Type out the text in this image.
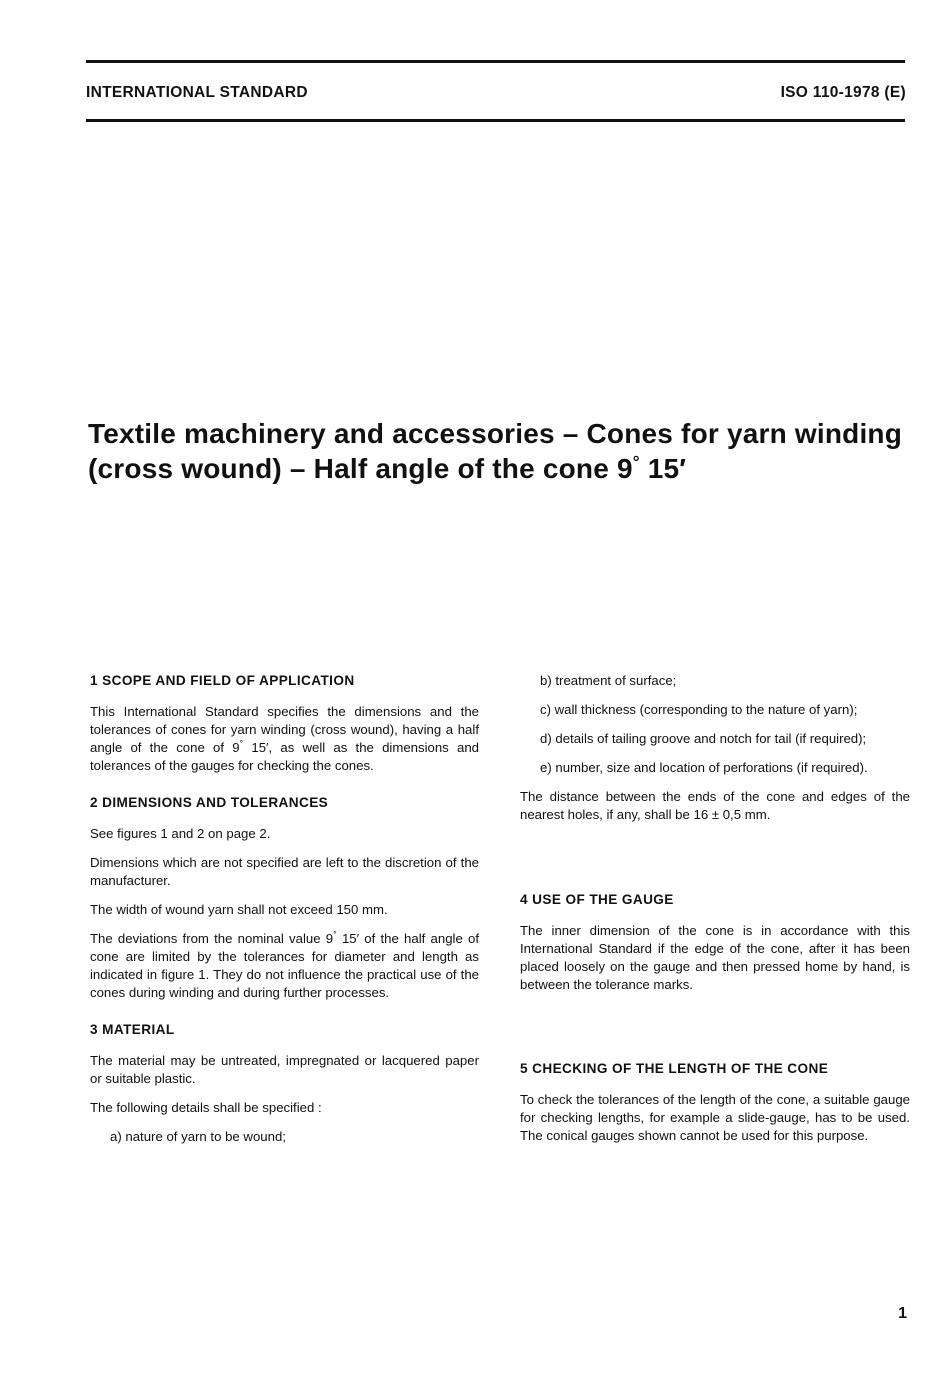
INTERNATIONAL STANDARD	ISO 110-1978 (E)
Textile machinery and accessories – Cones for yarn winding
(cross wound) – Half angle of the cone 9° 15′
1 SCOPE AND FIELD OF APPLICATION

This International Standard specifies the dimensions and the tolerances of cones for yarn winding (cross wound), having a half angle of the cone of 9° 15′, as well as the dimensions and tolerances of the gauges for checking the cones.

2 DIMENSIONS AND TOLERANCES

See figures 1 and 2 on page 2.

Dimensions which are not specified are left to the discretion of the manufacturer.

The width of wound yarn shall not exceed 150 mm.

The deviations from the nominal value 9° 15′ of the half angle of cone are limited by the tolerances for diameter and length as indicated in figure 1. They do not influence the practical use of the cones during winding and during further processes.

3 MATERIAL

The material may be untreated, impregnated or lacquered paper or suitable plastic.

The following details shall be specified :

a) nature of yarn to be wound;
b) treatment of surface;
c) wall thickness (corresponding to the nature of yarn);
d) details of tailing groove and notch for tail (if required);
e) number, size and location of perforations (if required).

The distance between the ends of the cone and edges of the nearest holes, if any, shall be 16 ± 0,5 mm.

4 USE OF THE GAUGE

The inner dimension of the cone is in accordance with this International Standard if the edge of the cone, after it has been placed loosely on the gauge and then pressed home by hand, is between the tolerance marks.

5 CHECKING OF THE LENGTH OF THE CONE

To check the tolerances of the length of the cone, a suitable gauge for checking lengths, for example a slide-gauge, has to be used. The conical gauges shown cannot be used for this purpose.

1
